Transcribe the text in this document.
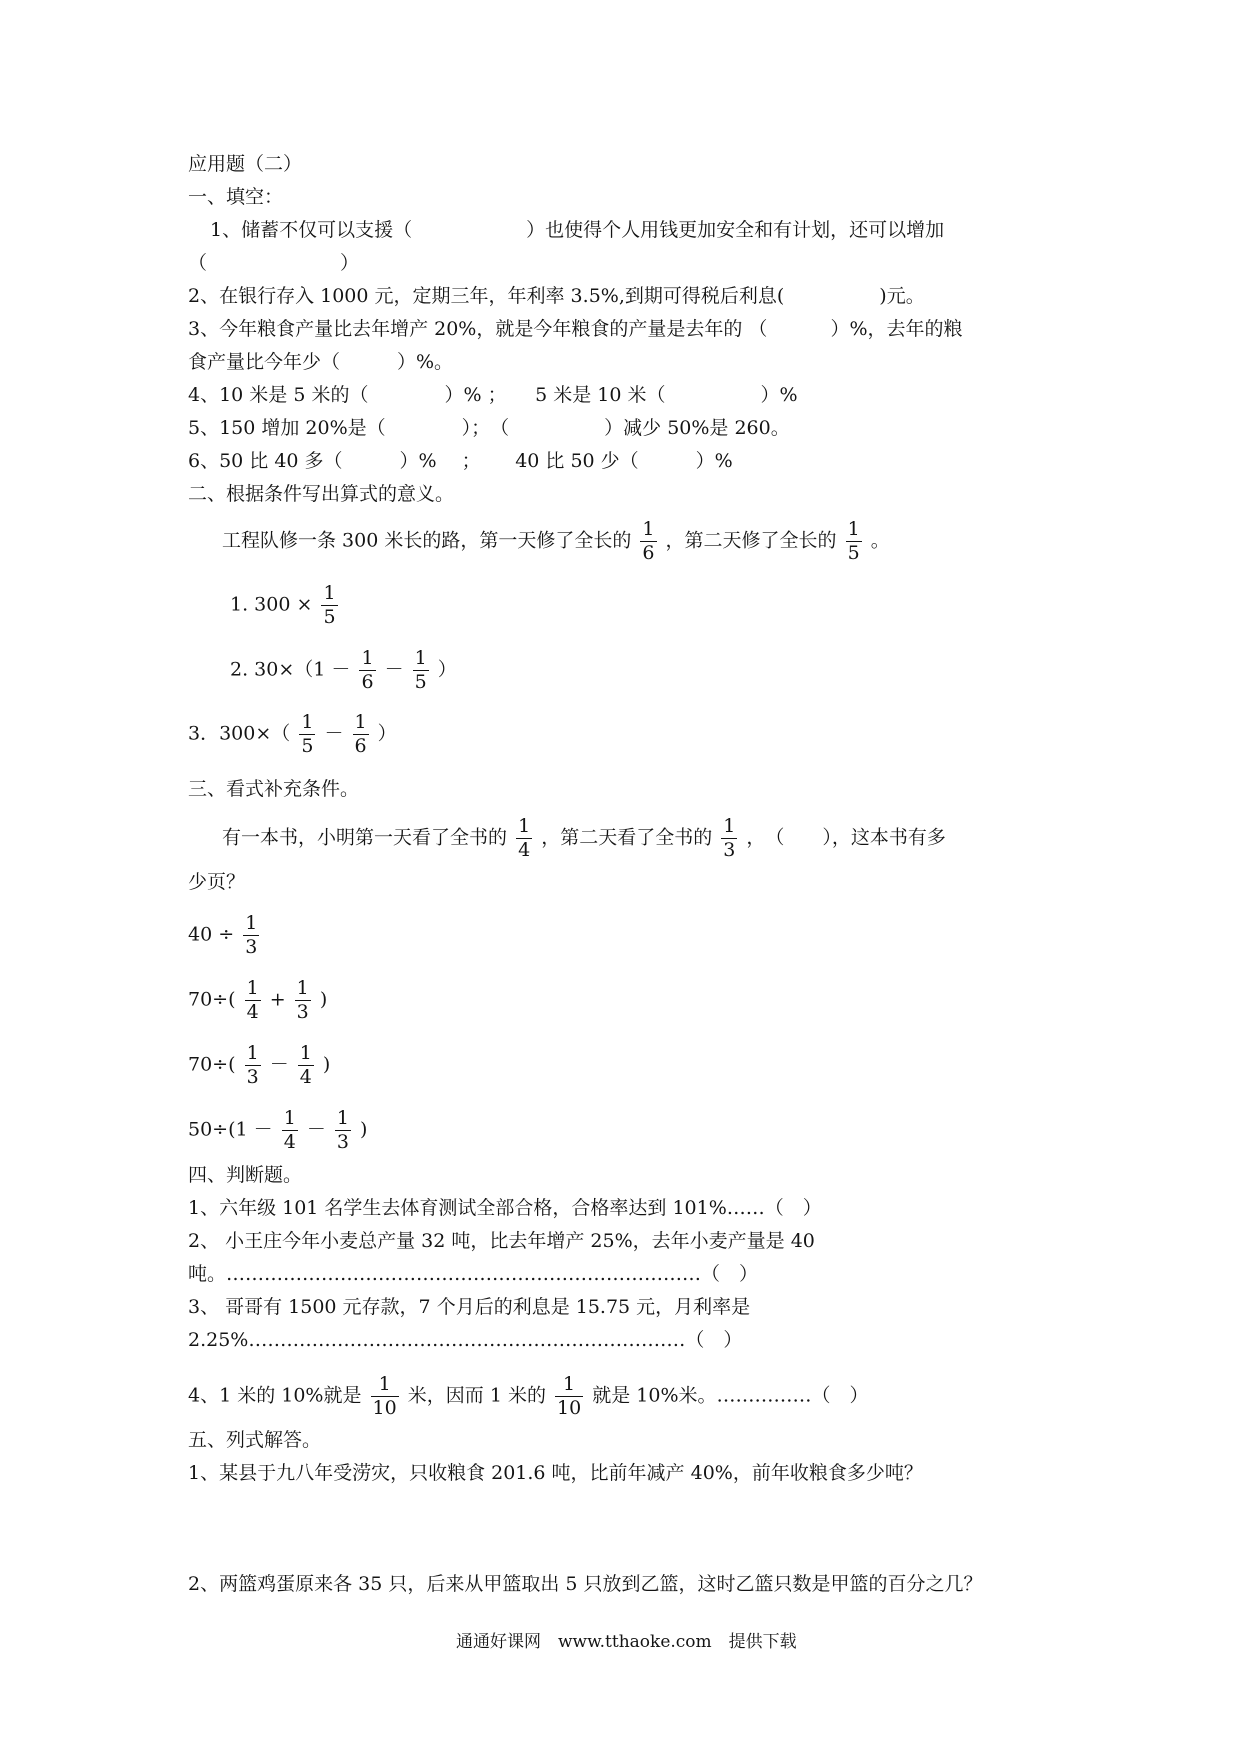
应用题（二）
一、填空：
1、储蓄不仅可以支援（　　　　　　）也使得个人用钱更加安全和有计划，还可以增加
（　　　　　　　）
2、在银行存入 1000 元，定期三年，年利率 3.5%,到期可得税后利息(　　　　　)元。
3、今年粮食产量比去年增产 20%，就是今年粮食的产量是去年的 （　　　 ）%，去年的粮
食产量比今年少（　　　）%。
4、10 米是 5 米的（　　　　）% ；　　5 米是 10 米（　　　　　）%
5、150 增加 20%是（　　　　）；　（　　　　　）减少 50%是 260。
6、50 比 40 多（　　　）%　 ；　　 40 比 50 少（　　　）%
二、根据条件写出算式的意义。
工程队修一条 300 米长的路，第一天修了全长的 $\frac{1}{6}$ ，第二天修了全长的 $\frac{1}{5}$ 。
1. $300 \times \frac{1}{5}$
2. $30\times(1 - \frac{1}{6} - \frac{1}{5}$ ）
3．$300\times( \frac{1}{5} - \frac{1}{6}$ ）
三、看式补充条件。
有一本书，小明第一天看了全书的 $\frac{1}{4}$ ，第二天看了全书的 $\frac{1}{3}$ ，　（　　），这本书有多
少页？
$40 \div \frac{1}{3}$
$70\div( \frac{1}{4} + \frac{1}{3}$ )
$70\div( \frac{1}{3} - \frac{1}{4}$ )
$50\div(1 - \frac{1}{4} - \frac{1}{3}$ )
四、判断题。
1、六年级 101 名学生去体育测试全部合格，合格率达到 101%……（　）
2、 小王庄今年小麦总产量 32 吨，比去年增产 25%，去年小麦产量是 40
吨。…………………………………………………………………（　）
3、 哥哥有 1500 元存款，7 个月后的利息是 15.75 元，月利率是
2.25%……………………………………………………………（　）
4、1 米的 10%就是 $\frac{1}{10}$ 米，因而 1 米的 $\frac{1}{10}$ 就是 10%米。……………（　）
五、列式解答。
1、某县于九八年受涝灾，只收粮食 201.6 吨，比前年减产 40%，前年收粮食多少吨？
2、两篮鸡蛋原来各 35 只，后来从甲篮取出 5 只放到乙篮，这时乙篮只数是甲篮的百分之几？
通通好课网　www.tthaoke.com　提供下载
